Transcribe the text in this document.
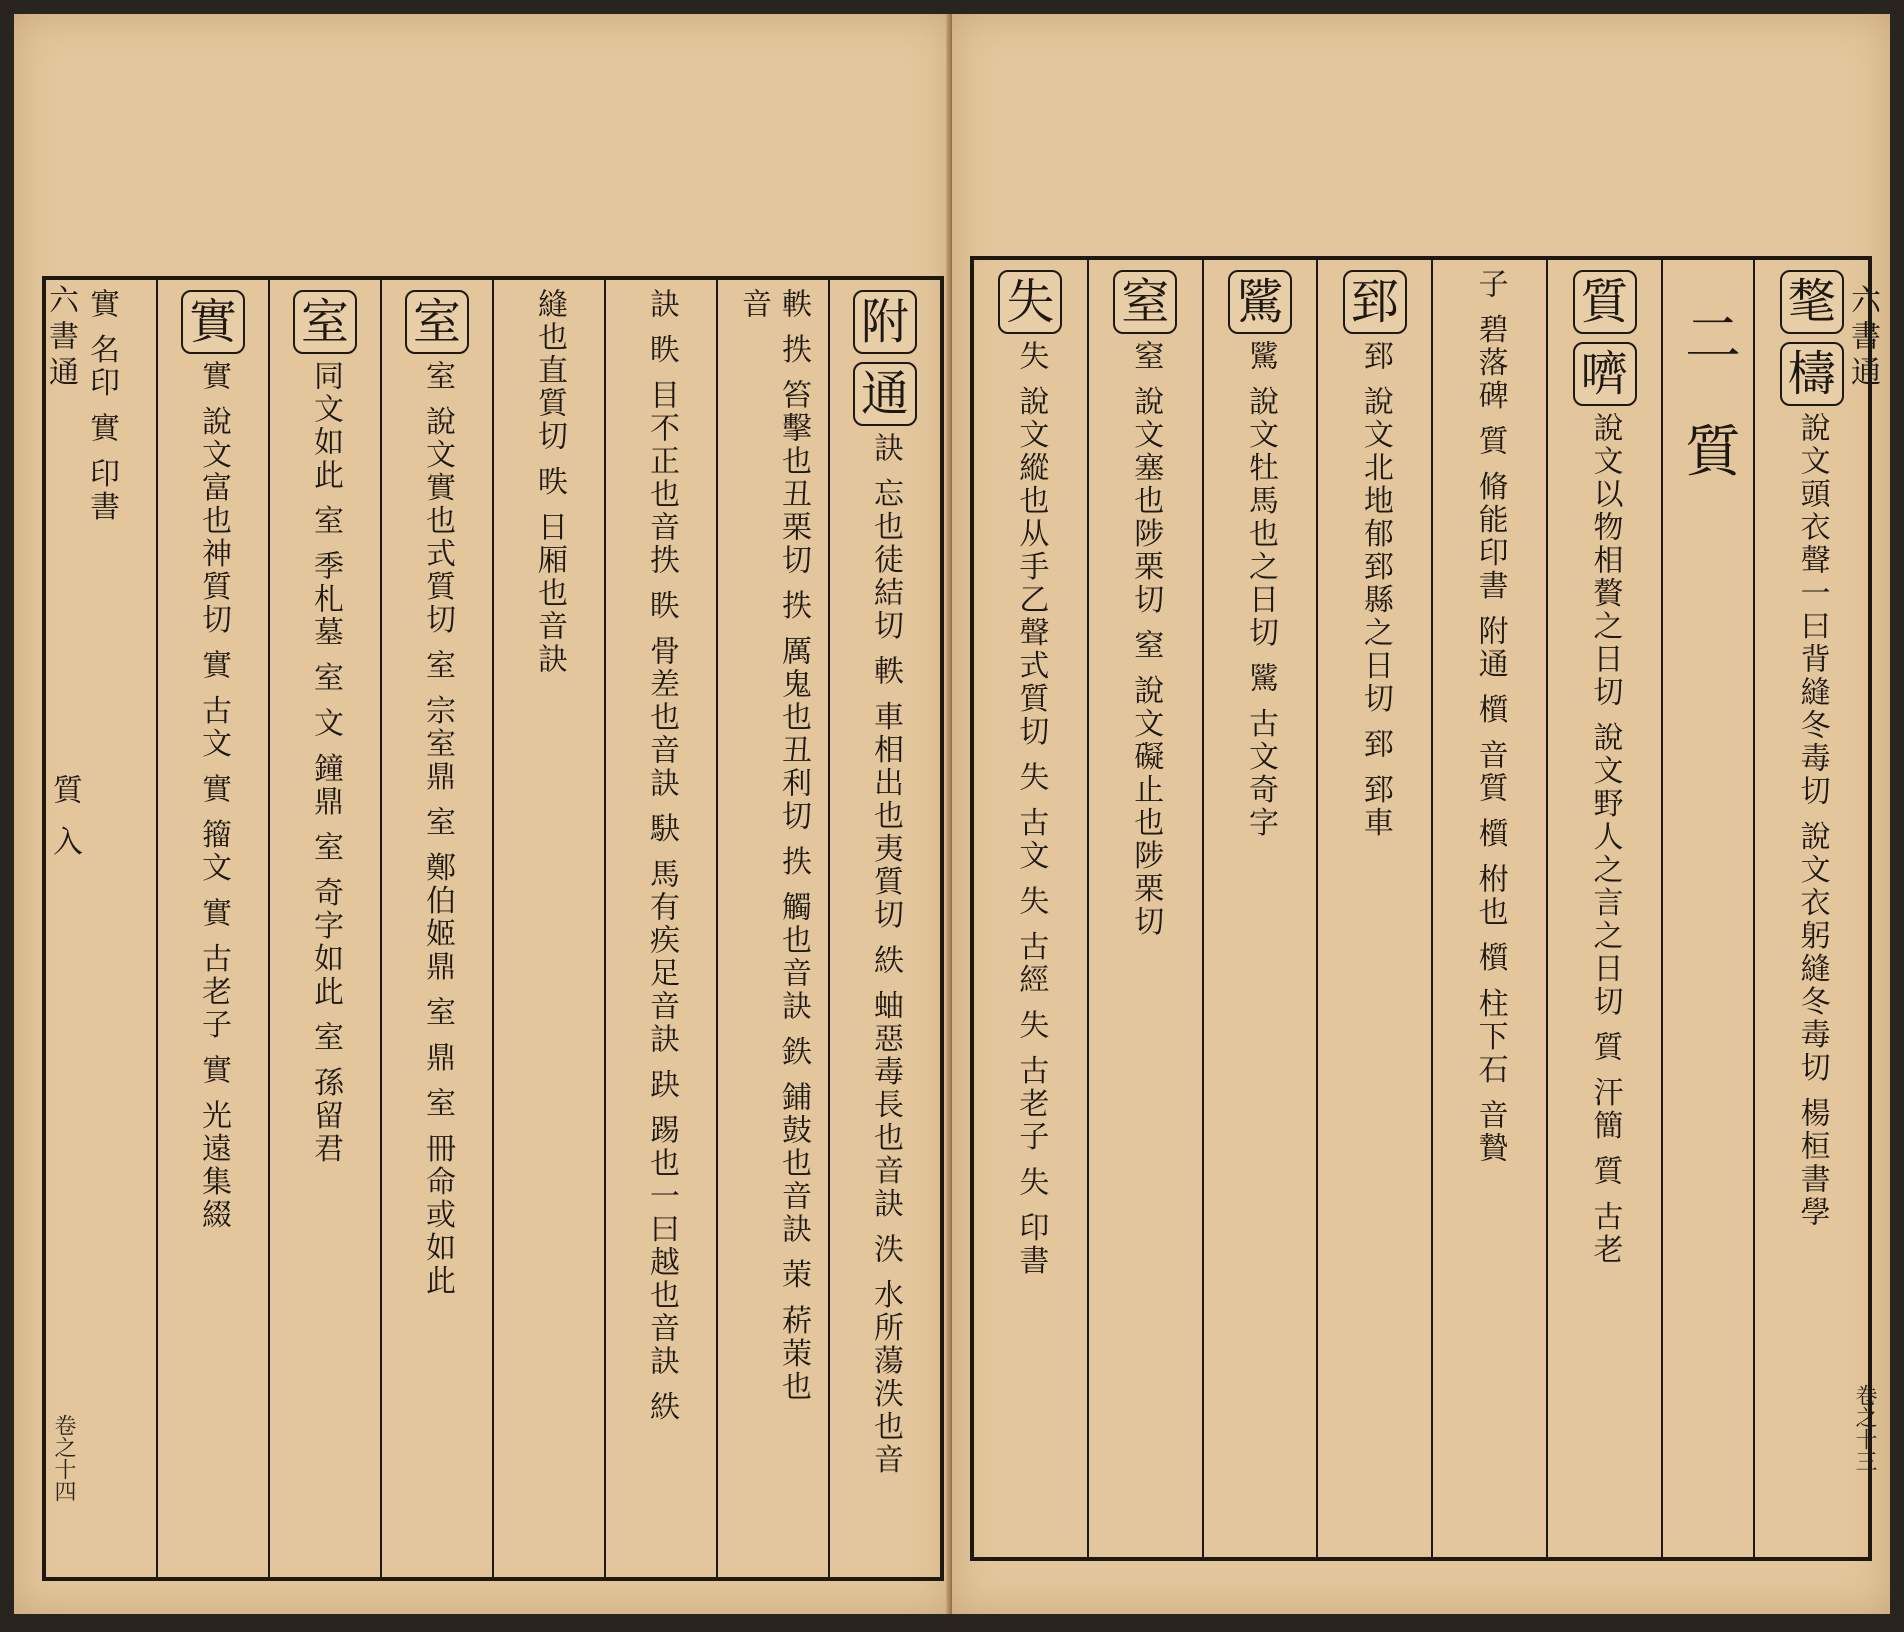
六書通
卷之十四
附
通
訣 忘也徒結切 軼 車相出也夷質切 紩 蚰惡毒長也音訣 泆 水所蕩泆也音
軼 抶 笞擊也丑栗切 抶 厲鬼也丑利切 抶 觸也音訣 鉄 鋪鼓也音訣 茦 菥茦也音
訣 眣 目不正也音抶 眣 骨差也音訣 駃 馬有疾足音訣 趹 踢也一曰越也音訣 紩
縫也直質切 昳 日厢也音訣
室
室 說文實也式質切 室 宗室鼎 室 鄭伯姬鼎 室 鼎 室 冊命或如此
室
同文如此 室 季札墓 室 文 鐘鼎 室 奇字如此 室 孫留君
實
實 說文富也神質切 實 古文 實 籀文 實 古老子 實 光遠集綴
實 名印 實 印書
質 入
六書通
卷之十三
㲠
檮
說文頭衣聲一曰背縫冬毒切 說文衣躬縫冬毒切 楊桓書學
二 質
質
嚌
說文以物相贅之日切 說文野人之言之日切 質 汗簡 質 古老
子 碧落碑 質 脩能印書 附通 櫍 音質 櫍 柎也 櫍 柱下石 音贄
郅
郅 說文北地郁郅縣之日切 郅 郅車
騭
騭 說文牡馬也之日切 騭 古文奇字
窒
窒 說文塞也陟栗切 窒 說文礙止也陟栗切
失
失 說文縱也从手乙聲式質切 失 古文 失 古經 失 古老子 失 印書
